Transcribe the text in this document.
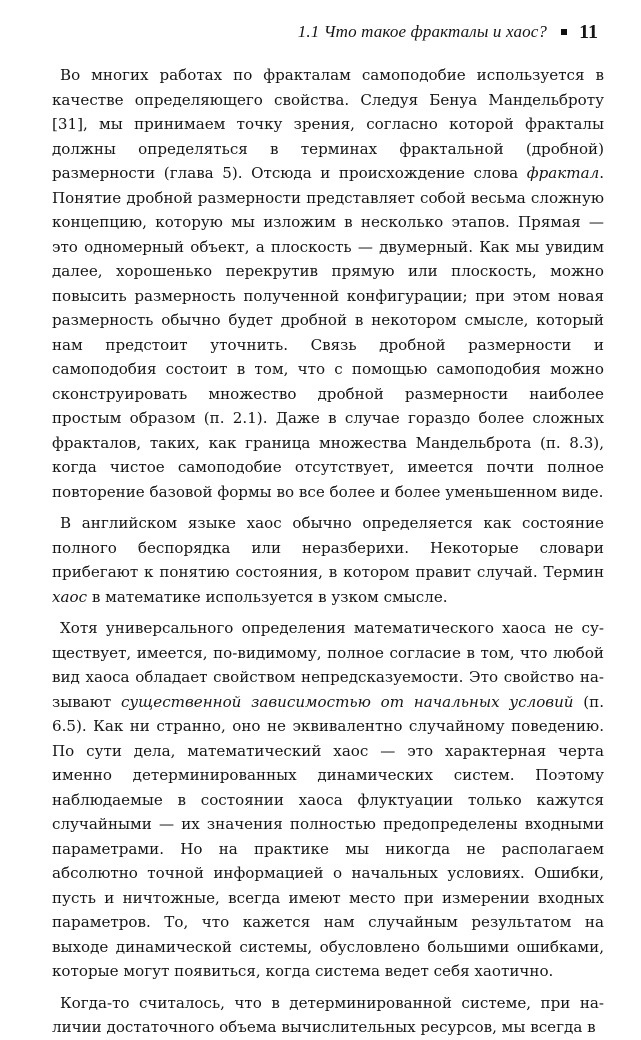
1.1 Что такое фракталы и хаос? 11

Во многих работах по фракталам самоподобие используется в качестве определяющего свойства. Следуя Бенуа Мандельброту [31], мы принимаем точку зрения, согласно которой фракталы должны определяться в терминах фрактальной (дробной) размерности (глава 5). Отсюда и происхождение слова фрактал. Понятие дробной размерности представляет собой весьма сложную концепцию, которую мы изложим в несколько этапов. Прямая — это одномерный объект, а плоскость — двумерный. Как мы увидим далее, хорошенько перекрутив прямую или плоскость, можно повысить размерность полученной конфигурации; при этом новая размерность обычно будет дробной в некотором смысле, который нам предстоит уточнить. Связь дробной размерности и самоподобия состоит в том, что с помощью самоподобия можно сконструировать множество дробной размерности наиболее простым образом (п. 2.1). Даже в случае гораздо более сложных фракталов, таких, как граница множества Мандельброта (п. 8.3), когда чистое самоподобие отсутствует, имеется почти полное повторение базовой формы во все более и более уменьшенном виде.

В английском языке хаос обычно определяется как состояние полного беспорядка или неразберихи. Некоторые словари прибегают к понятию состояния, в котором правит случай. Термин хаос в математике используется в узком смысле.

Хотя универсального определения математического хаоса не существует, имеется, по-видимому, полное согласие в том, что любой вид хаоса обладает свойством непредсказуемости. Это свойство называют существенной зависимостью от начальных условий (п. 6.5). Как ни странно, оно не эквивалентно случайному поведению. По сути дела, математический хаос — это характерная черта именно детерминированных динамических систем. Поэтому наблюдаемые в состоянии хаоса флуктуации только кажутся случайными — их значения полностью предопределены входными параметрами. Но на практике мы никогда не располагаем абсолютно точной информацией о начальных условиях. Ошибки, пусть и ничтожные, всегда имеют место при измерении входных параметров. То, что кажется нам случайным результатом на выходе динамической системы, обусловлено большими ошибками, которые могут появиться, когда система ведет себя хаотично.

Когда-то считалось, что в детерминированной системе, при наличии достаточного объема вычислительных ресурсов, мы всегда в
